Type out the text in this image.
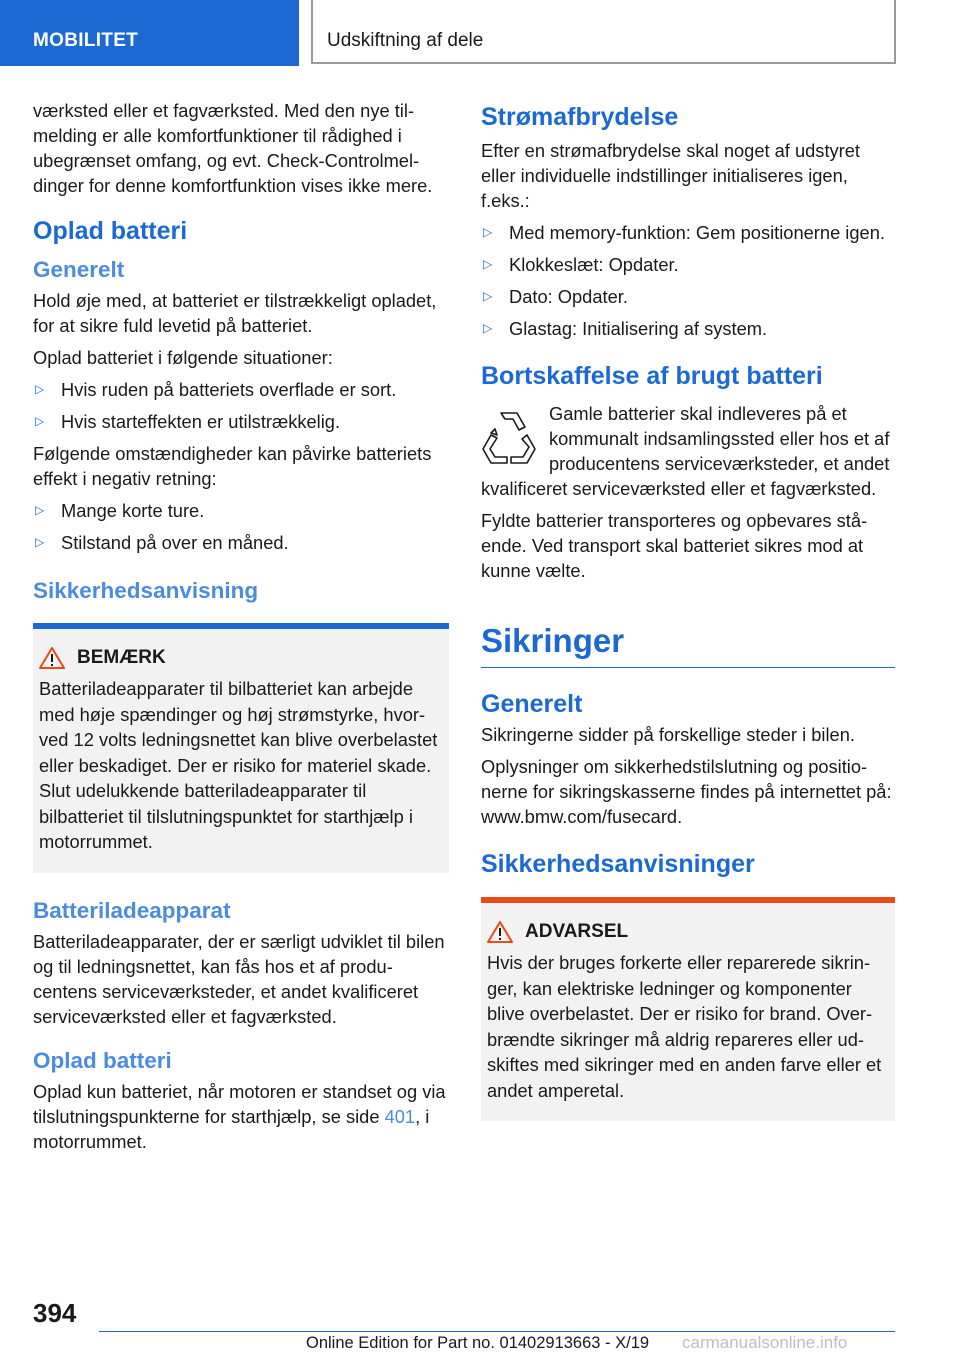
MOBILITET	Udskiftning af dele

værksted eller et fagværksted. Med den nye tilmelding er alle komfortfunktioner til rådighed i ubegrænset omfang, og evt. Check-Controlmeldinger for denne komfortfunktion vises ikke mere.

Oplad batteri
Generelt

Hold øje med, at batteriet er tilstrækkeligt opladet, for at sikre fuld levetid på batteriet.

Oplad batteriet i følgende situationer:

▷ Hvis ruden på batteriets overflade er sort.
▷ Hvis starteffekten er utilstrækkelig.

Følgende omstændigheder kan påvirke batteriets effekt i negativ retning:

▷ Mange korte ture.
▷ Stilstand på over en måned.
Sikkerhedsanvisning
BEMÆRK
Batteriladeapparater til bilbatteriet kan arbejde med høje spændinger og høj strømstyrke, hvorved 12 volts ledningsnettet kan blive overbelastet eller beskadiget. Der er risiko for materiel skade. Slut udelukkende batteriladeapparater til bilbatteriet til tilslutningspunktet for starthjælp i motorrummet.
Batteriladeapparat

Batteriladeapparater, der er særligt udviklet til bilen og til ledningsnettet, kan fås hos et af producentens serviceværksteder, et andet kvalificeret serviceværksted eller et fagværksted.

Oplad batteri

Oplad kun batteriet, når motoren er standset og via tilslutningspunkterne for starthjælp, se side 401, i motorrummet.

Strømafbrydelse

Efter en strømafbrydelse skal noget af udstyret eller individuelle indstillinger initialiseres igen, f.eks.:

▷ Med memory-funktion: Gem positionerne igen.
▷ Klokkeslæt: Opdater.
▷ Dato: Opdater.
▷ Glastag: Initialisering af system.
Bortskaffelse af brugt batteri

Gamle batterier skal indleveres på et kommunalt indsamlingssted eller hos et af producentens serviceværksteder, et andet kvalificeret serviceværksted eller et fagværksted.

Fyldte batterier transporteres og opbevares stående. Ved transport skal batteriet sikres mod at kunne vælte.

Sikringer
Generelt

Sikringerne sidder på forskellige steder i bilen.

Oplysninger om sikkerhedstilslutning og positionerne for sikringskasserne findes på internettet på: www.bmw.com/fusecard.

Sikkerhedsanvisninger
ADVARSEL
Hvis der bruges forkerte eller reparerede sikringer, kan elektriske ledninger og komponenter blive overbelastet. Der er risiko for brand. Overbrændte sikringer må aldrig repareres eller udskiftes med sikringer med en anden farve eller et andet amperetal.
394
Online Edition for Part no. 01402913663 - X/19 carmanualsonline.info
